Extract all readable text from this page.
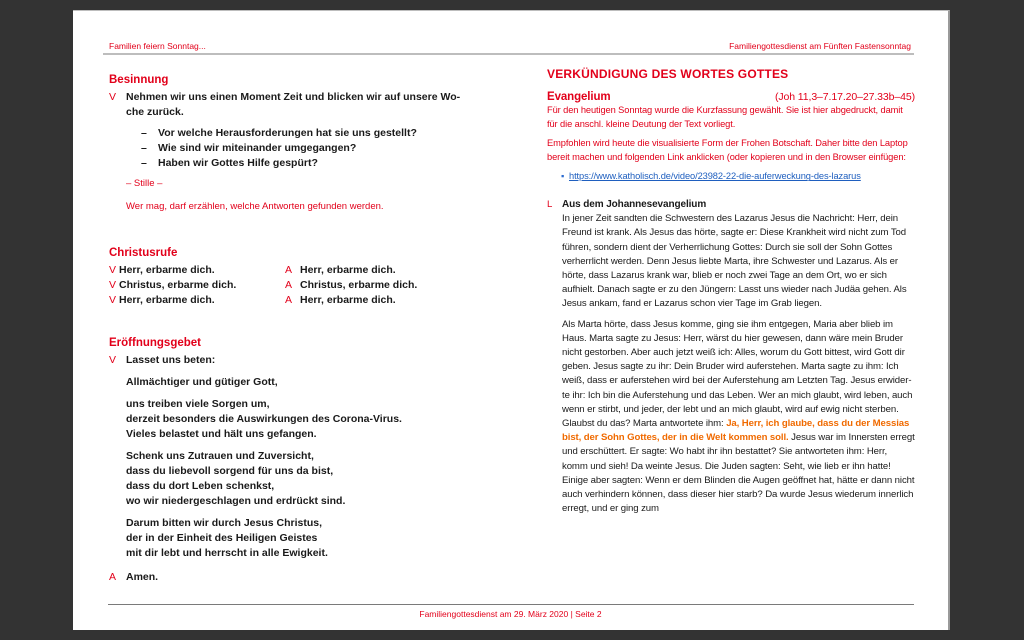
Familien feiern Sonntag...	Familiengottesdienst am Fünften Fastensonntag
Besinnung
V Nehmen wir uns einen Moment Zeit und blicken wir auf unsere Wo-
che zurück.
–	Vor welche Herausforderungen hat sie uns gestellt?
–	Wie sind wir miteinander umgegangen?
–	Haben wir Gottes Hilfe gespürt?
– Stille –
Wer mag, darf erzählen, welche Antworten gefunden werden.
Christusrufe
V Herr, erbarme dich.	A Herr, erbarme dich.
V Christus, erbarme dich.	A Christus, erbarme dich.
V Herr, erbarme dich.	A Herr, erbarme dich.
Eröffnungsgebet
V Lasset uns beten:

Allmächtiger und gütiger Gott,

uns treiben viele Sorgen um,
derzeit besonders die Auswirkungen des Corona-Virus.
Vieles belastet und hält uns gefangen.

Schenk uns Zutrauen und Zuversicht,
dass du liebevoll sorgend für uns da bist,
dass du dort Leben schenkst,
wo wir niedergeschlagen und erdrückt sind.

Darum bitten wir durch Jesus Christus,
der in der Einheit des Heiligen Geistes
mit dir lebt und herrscht in alle Ewigkeit.

A Amen.
VERKÜNDIGUNG DES WORTES GOTTES
Evangelium	(Joh 11,3–7.17.20–27.33b–45)

Für den heutigen Sonntag wurde die Kurzfassung gewählt. Sie ist hier abgedruckt, damit für die anschl. kleine Deutung der Text vorliegt.

Empfohlen wird heute die visualisierte Form der Frohen Botschaft. Daher bitte den Laptop bereit machen und folgenden Link anklicken (oder kopieren und in den Browser einfügen:

▪ https://www.katholisch.de/video/23982-22-die-auferweckung-des-lazarus
L Aus dem Johannesevangelium

In jener Zeit sandten die Schwestern des Lazarus Jesus die Nachricht: Herr, dein Freund ist krank. Als Jesus das hörte, sagte er: Diese Krankheit wird nicht zum Tod führen, sondern dient der Verherrlichung Gottes: Durch sie soll der Sohn Gottes verherrlicht werden. Denn Jesus liebte Marta, ihre Schwester und Lazarus. Als er hörte, dass Lazarus krank war, blieb er noch zwei Tage an dem Ort, wo er sich aufhielt. Danach sagte er zu den Jüngern: Lasst uns wieder nach Judäa gehen. Als Jesus ankam, fand er Lazarus schon vier Tage im Grab liegen.

Als Marta hörte, dass Jesus komme, ging sie ihm entgegen, Maria aber blieb im Haus. Marta sagte zu Jesus: Herr, wärst du hier gewesen, dann wäre mein Bruder nicht gestorben. Aber auch jetzt weiß ich: Alles, worum du Gott bittest, wird Gott dir geben. Jesus sagte zu ihr: Dein Bruder wird auferstehen. Marta sagte zu ihm: Ich weiß, dass er auferstehen wird bei der Auferstehung am Letzten Tag. Jesus erwiderte ihr: Ich bin die Auferstehung und das Leben. Wer an mich glaubt, wird leben, auch wenn er stirbt, und jeder, der lebt und an mich glaubt, wird auf ewig nicht sterben. Glaubst du das? Marta antwortete ihm: Ja, Herr, ich glaube, dass du der Messias bist, der Sohn Gottes, der in die Welt kommen soll. Jesus war im Innersten erregt und erschüttert. Er sagte: Wo habt ihr ihn bestattet? Sie antworteten ihm: Herr, komm und sieh! Da weinte Jesus. Die Juden sagten: Seht, wie lieb er ihn hatte! Einige aber sagten: Wenn er dem Blinden die Augen geöffnet hat, hätte er dann nicht auch verhindern können, dass dieser hier starb? Da wurde Jesus wiederum innerlich erregt, und er ging zum

Familiengottesdienst am 29. März 2020 | Seite 2
